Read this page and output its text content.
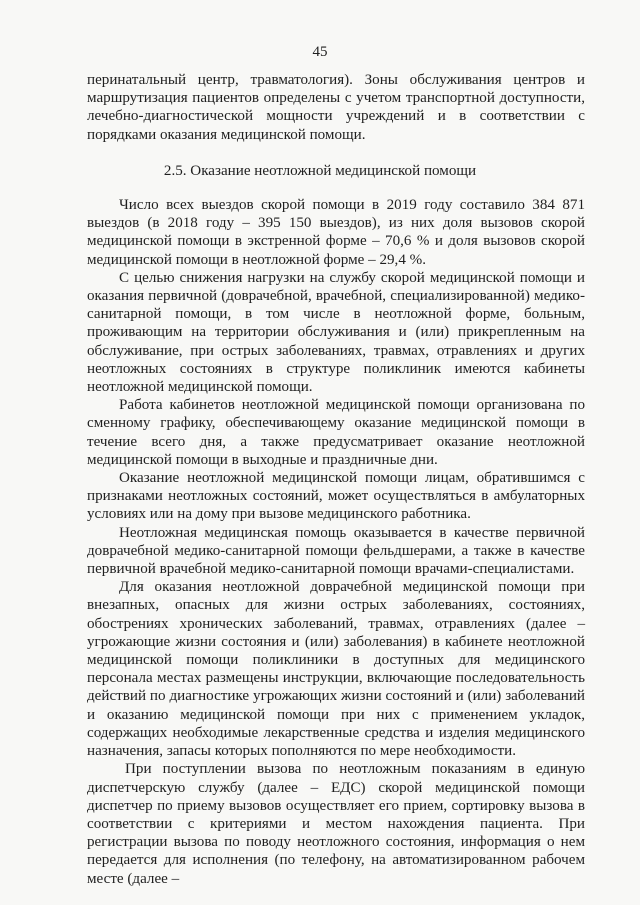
45

перинатальный центр, травматология). Зоны обслуживания центров и маршрутизация пациентов определены с учетом транспортной доступности, лечебно-диагностической мощности учреждений и в соответствии с порядками оказания медицинской помощи.

2.5. Оказание неотложной медицинской помощи

Число всех выездов скорой помощи в 2019 году составило 384 871 выездов (в 2018 году – 395 150 выездов), из них доля вызовов скорой медицинской помощи в экстренной форме – 70,6 % и доля вызовов скорой медицинской помощи в неотложной форме – 29,4 %.

С целью снижения нагрузки на службу скорой медицинской помощи и оказания первичной (доврачебной, врачебной, специализированной) медико-санитарной помощи, в том числе в неотложной форме, больным, проживающим на территории обслуживания и (или) прикрепленным на обслуживание, при острых заболеваниях, травмах, отравлениях и других неотложных состояниях в структуре поликлиник имеются кабинеты неотложной медицинской помощи.

Работа кабинетов неотложной медицинской помощи организована по сменному графику, обеспечивающему оказание медицинской помощи в течение всего дня, а также предусматривает оказание неотложной медицинской помощи в выходные и праздничные дни.

Оказание неотложной медицинской помощи лицам, обратившимся с признаками неотложных состояний, может осуществляться в амбулаторных условиях или на дому при вызове медицинского работника.

Неотложная медицинская помощь оказывается в качестве первичной доврачебной медико-санитарной помощи фельдшерами, а также в качестве первичной врачебной медико-санитарной помощи врачами-специалистами.

Для оказания неотложной доврачебной медицинской помощи при внезапных, опасных для жизни острых заболеваниях, состояниях, обострениях хронических заболеваний, травмах, отравлениях (далее – угрожающие жизни состояния и (или) заболевания) в кабинете неотложной медицинской помощи поликлиники в доступных для медицинского персонала местах размещены инструкции, включающие последовательность действий по диагностике угрожающих жизни состояний и (или) заболеваний и оказанию медицинской помощи при них с применением укладок, содержащих необходимые лекарственные средства и изделия медицинского назначения, запасы которых пополняются по мере необходимости.

При поступлении вызова по неотложным показаниям в единую диспетчерскую службу (далее – ЕДС) скорой медицинской помощи диспетчер по приему вызовов осуществляет его прием, сортировку вызова в соответствии с критериями и местом нахождения пациента. При регистрации вызова по поводу неотложного состояния, информация о нем передается для исполнения (по телефону, на автоматизированном рабочем месте (далее –
